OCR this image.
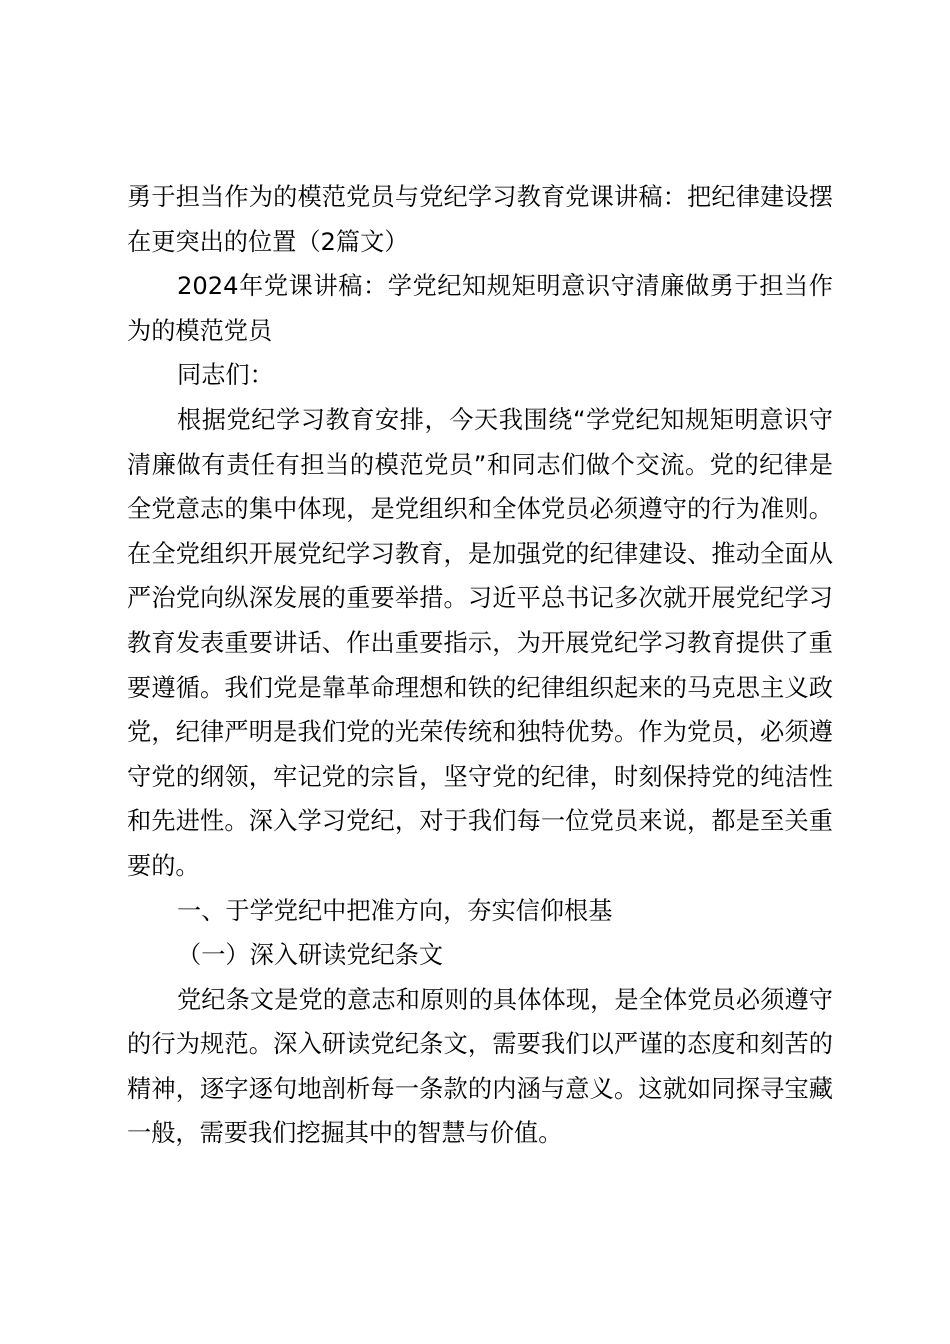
勇于担当作为的模范党员与党纪学习教育党课讲稿：把纪律建设摆在更突出的位置（2篇文）

2024年党课讲稿：学党纪知规矩明意识守清廉做勇于担当作为的模范党员

同志们：

根据党纪学习教育安排，今天我围绕“学党纪知规矩明意识守清廉做有责任有担当的模范党员”和同志们做个交流。党的纪律是全党意志的集中体现，是党组织和全体党员必须遵守的行为准则。在全党组织开展党纪学习教育，是加强党的纪律建设、推动全面从严治党向纵深发展的重要举措。习近平总书记多次就开展党纪学习教育发表重要讲话、作出重要指示，为开展党纪学习教育提供了重要遵循。我们党是靠革命理想和铁的纪律组织起来的马克思主义政党，纪律严明是我们党的光荣传统和独特优势。作为党员，必须遵守党的纲领，牢记党的宗旨，坚守党的纪律，时刻保持党的纯洁性和先进性。深入学习党纪，对于我们每一位党员来说，都是至关重要的。

一、于学党纪中把准方向，夯实信仰根基

（一）深入研读党纪条文

党纪条文是党的意志和原则的具体体现，是全体党员必须遵守的行为规范。深入研读党纪条文，需要我们以严谨的态度和刻苦的精神，逐字逐句地剖析每一条款的内涵与意义。这就如同探寻宝藏一般，需要我们挖掘其中的智慧与价值。
